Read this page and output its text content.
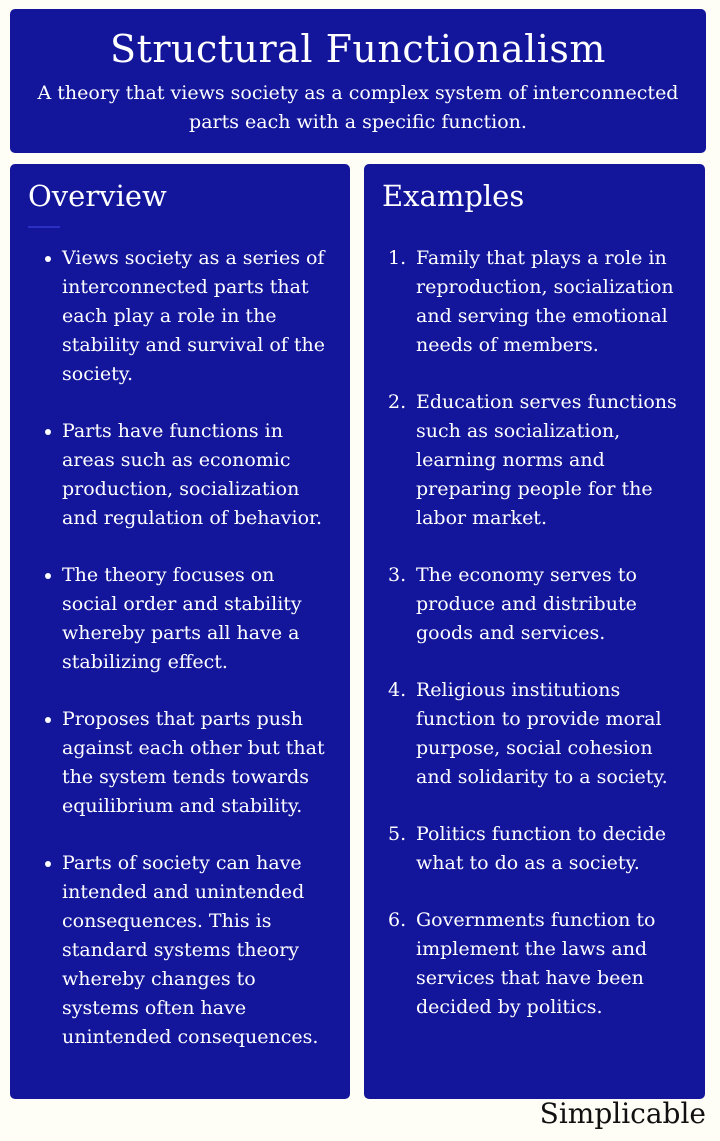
Structural Functionalism

A theory that views society as a complex system of interconnected parts each with a specific function.

Overview
Views society as a series of interconnected parts that each play a role in the stability and survival of the society.
Parts have functions in areas such as economic production, socialization and regulation of behavior.
The theory focuses on social order and stability whereby parts all have a stabilizing effect.
Proposes that parts push against each other but that the system tends towards equilibrium and stability.
Parts of society can have intended and unintended consequences. This is standard systems theory whereby changes to systems often have unintended consequences.
Examples
1. Family that plays a role in reproduction, socialization and serving the emotional needs of members.
2. Education serves functions such as socialization, learning norms and preparing people for the labor market.
3. The economy serves to produce and distribute goods and services.
4. Religious institutions function to provide moral purpose, social cohesion and solidarity to a society.
5. Politics function to decide what to do as a society.
6. Governments function to implement the laws and services that have been decided by politics.
Simplicable
